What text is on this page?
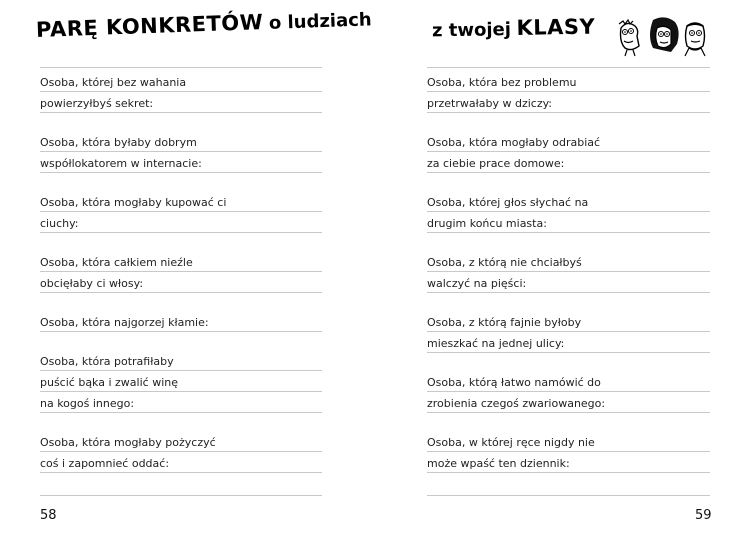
PARĘ KONKRETÓW o ludziach
Osoba, której bez wahania
powierzyłbyś sekret:
Osoba, która byłaby dobrym
współlokatorem w internacie:
Osoba, która mogłaby kupować ci
ciuchy:
Osoba, która całkiem nieźle
obcięłaby ci włosy:
Osoba, która najgorzej kłamie:
Osoba, która potrafiłaby
puścić bąka i zwalić winę
na kogoś innego:
Osoba, która mogłaby pożyczyć
coś i zapomnieć oddać:
58
z twojej KLASY
Osoba, która bez problemu
przetrwałaby w dziczy:
Osoba, która mogłaby odrabiać
za ciebie prace domowe:
Osoba, której głos słychać na
drugim końcu miasta:
Osoba, z którą nie chciałbyś
walczyć na pięści:
Osoba, z którą fajnie byłoby
mieszkać na jednej ulicy:
Osoba, którą łatwo namówić do
zrobienia czegoś zwariowanego:
Osoba, w której ręce nigdy nie
może wpaść ten dziennik:
59
